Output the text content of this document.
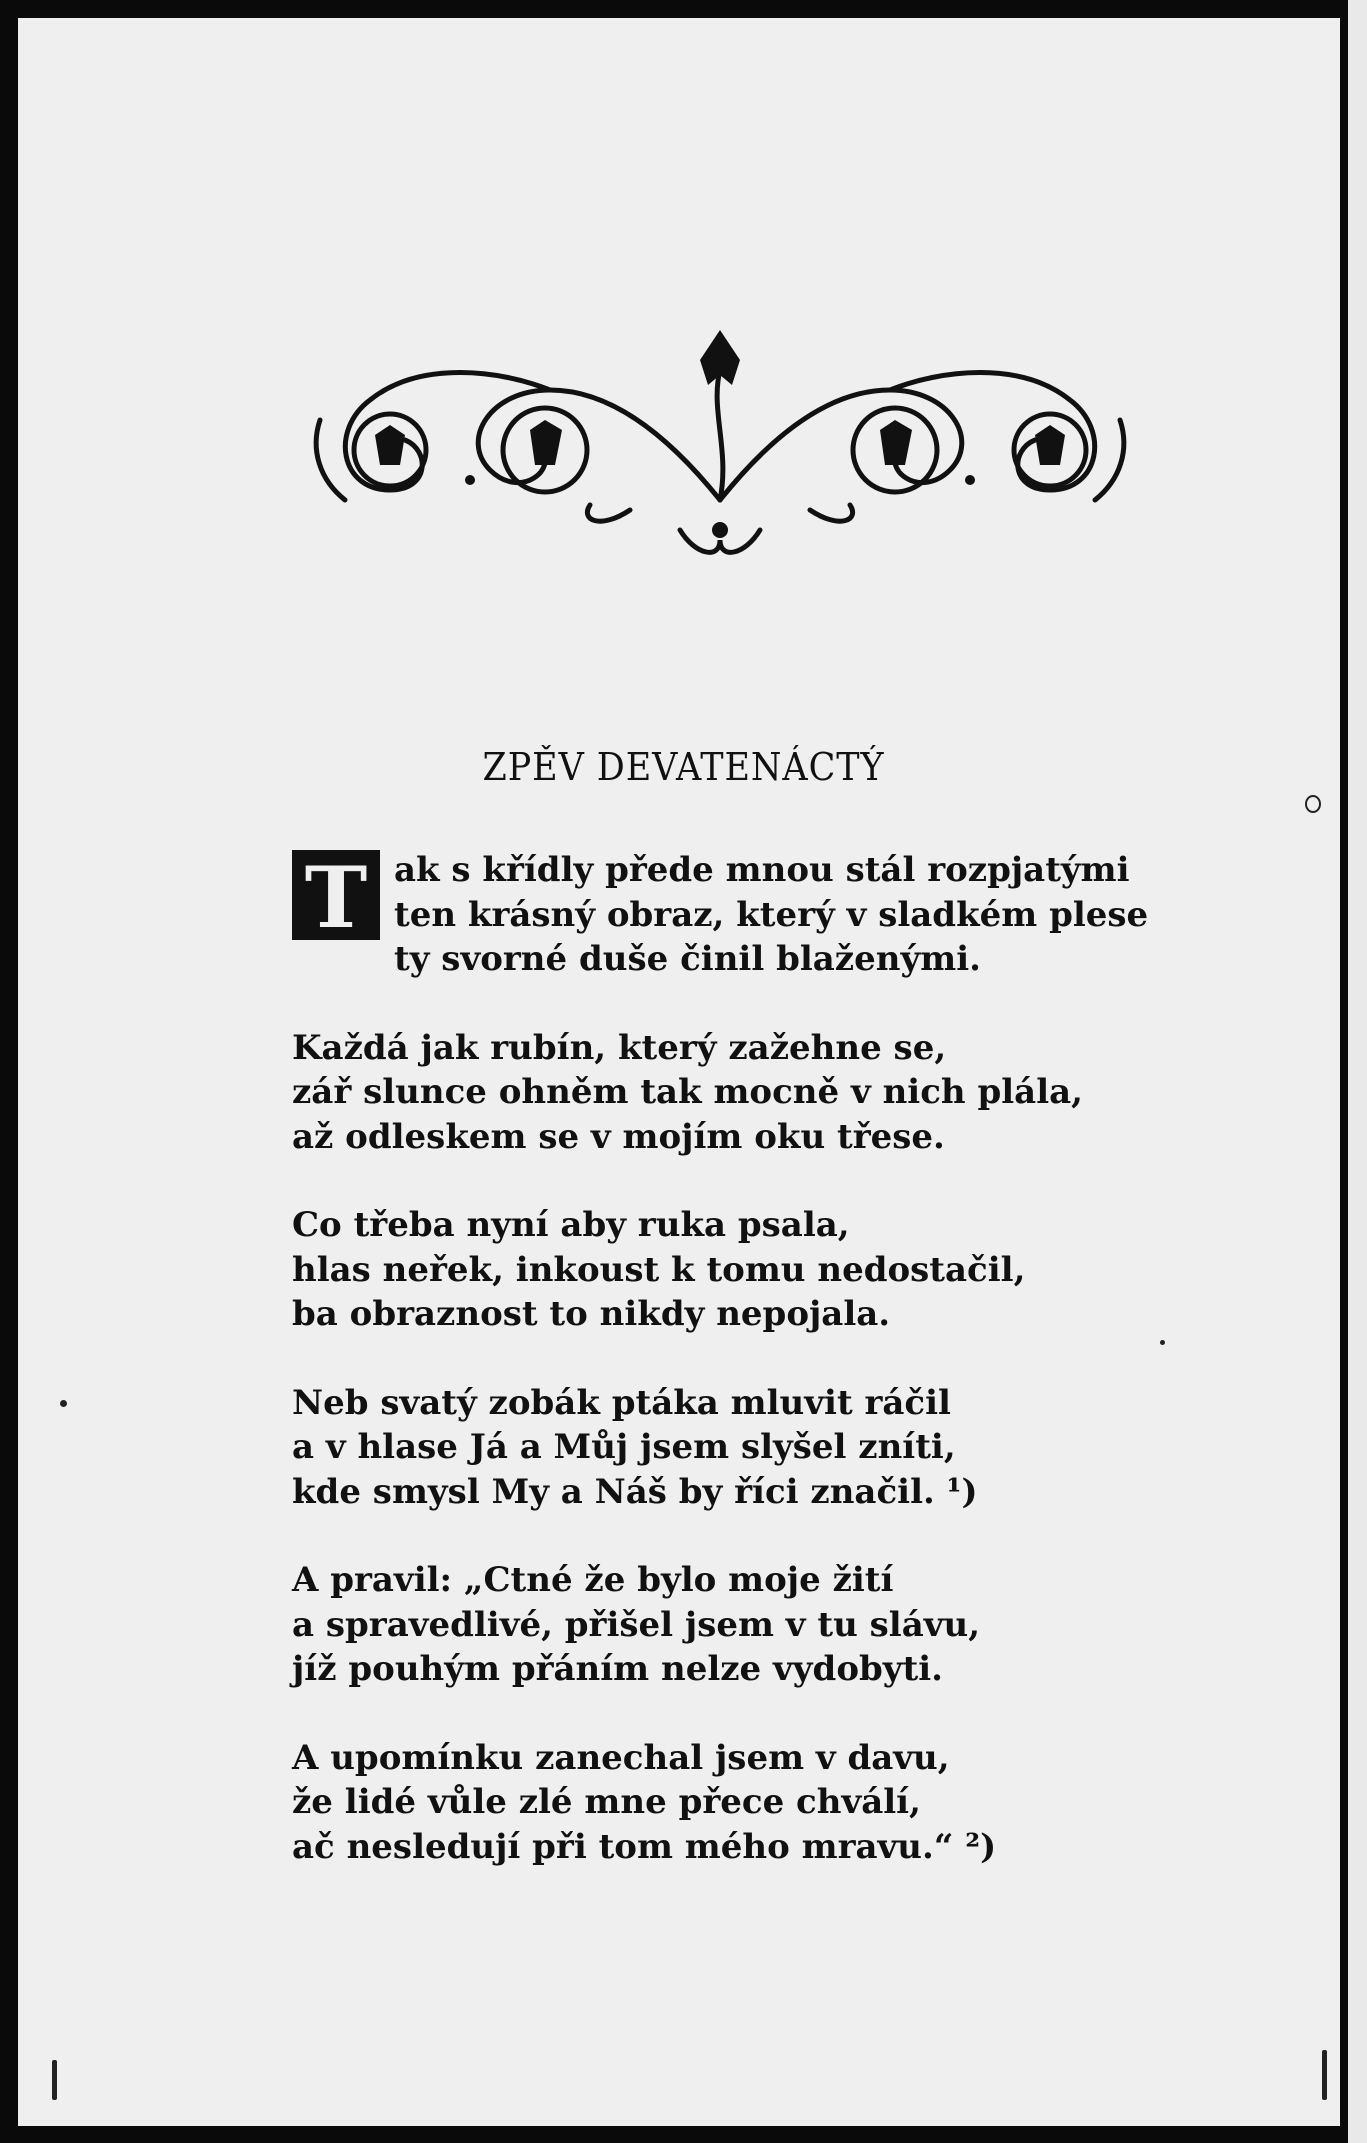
ZPĚV DEVATENÁCTÝ
T ak s křídly přede mnou stál rozpjatými
ten krásný obraz, který v sladkém plese
ty svorné duše činil blaženými.
Každá jak rubín, který zažehne se,
zář slunce ohněm tak mocně v nich plála,
až odleskem se v mojím oku třese.
Co třeba nyní aby ruka psala,
hlas neřek, inkoust k tomu nedostačil,
ba obraznost to nikdy nepojala.
Neb svatý zobák ptáka mluvit ráčil
a v hlase Já a Můj jsem slyšel zníti,
kde smysl My a Náš by říci značil. ¹)
A pravil: „Ctné že bylo moje žití
a spravedlivé, přišel jsem v tu slávu,
jíž pouhým přáním nelze vydobyti.
A upomínku zanechal jsem v davu,
že lidé vůle zlé mne přece chválí,
ač nesledují při tom mého mravu.“ ²)
